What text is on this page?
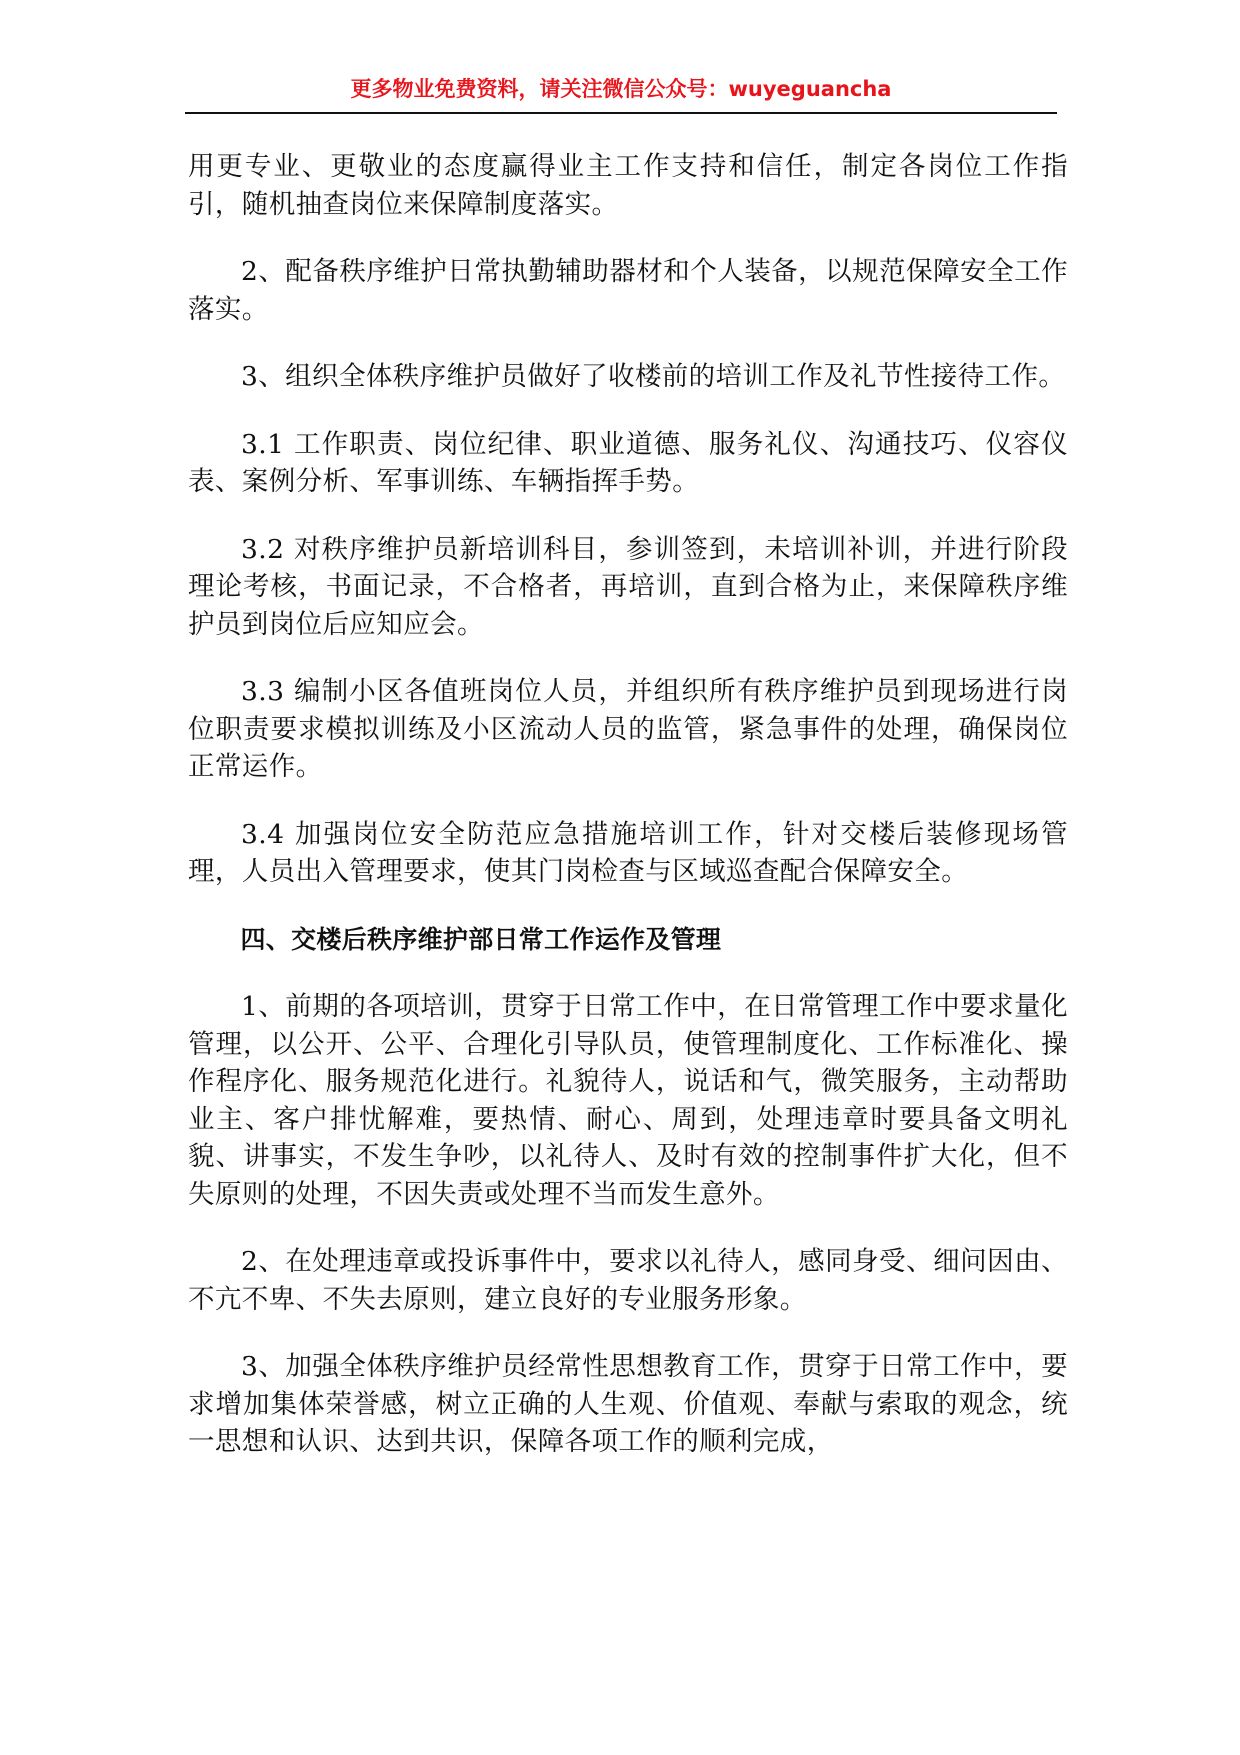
更多物业免费资料，请关注微信公众号：wuyeguancha

用更专业、更敬业的态度赢得业主工作支持和信任，制定各岗位工作指引，随机抽查岗位来保障制度落实。

2、配备秩序维护日常执勤辅助器材和个人装备，以规范保障安全工作落实。

3、组织全体秩序维护员做好了收楼前的培训工作及礼节性接待工作。

3.1 工作职责、岗位纪律、职业道德、服务礼仪、沟通技巧、仪容仪表、案例分析、军事训练、车辆指挥手势。

3.2 对秩序维护员新培训科目，参训签到，未培训补训，并进行阶段理论考核，书面记录，不合格者，再培训，直到合格为止，来保障秩序维护员到岗位后应知应会。

3.3 编制小区各值班岗位人员，并组织所有秩序维护员到现场进行岗位职责要求模拟训练及小区流动人员的监管，紧急事件的处理，确保岗位正常运作。

3.4 加强岗位安全防范应急措施培训工作，针对交楼后装修现场管理，人员出入管理要求，使其门岗检查与区域巡查配合保障安全。

四、交楼后秩序维护部日常工作运作及管理

1、前期的各项培训，贯穿于日常工作中，在日常管理工作中要求量化管理，以公开、公平、合理化引导队员，使管理制度化、工作标准化、操作程序化、服务规范化进行。礼貌待人，说话和气，微笑服务，主动帮助业主、客户排忧解难，要热情、耐心、周到，处理违章时要具备文明礼貌、讲事实，不发生争吵，以礼待人、及时有效的控制事件扩大化，但不失原则的处理，不因失责或处理不当而发生意外。

2、在处理违章或投诉事件中，要求以礼待人，感同身受、细问因由、不亢不卑、不失去原则，建立良好的专业服务形象。

3、加强全体秩序维护员经常性思想教育工作，贯穿于日常工作中，要求增加集体荣誉感，树立正确的人生观、价值观、奉献与索取的观念，统一思想和认识、达到共识，保障各项工作的顺利完成，
